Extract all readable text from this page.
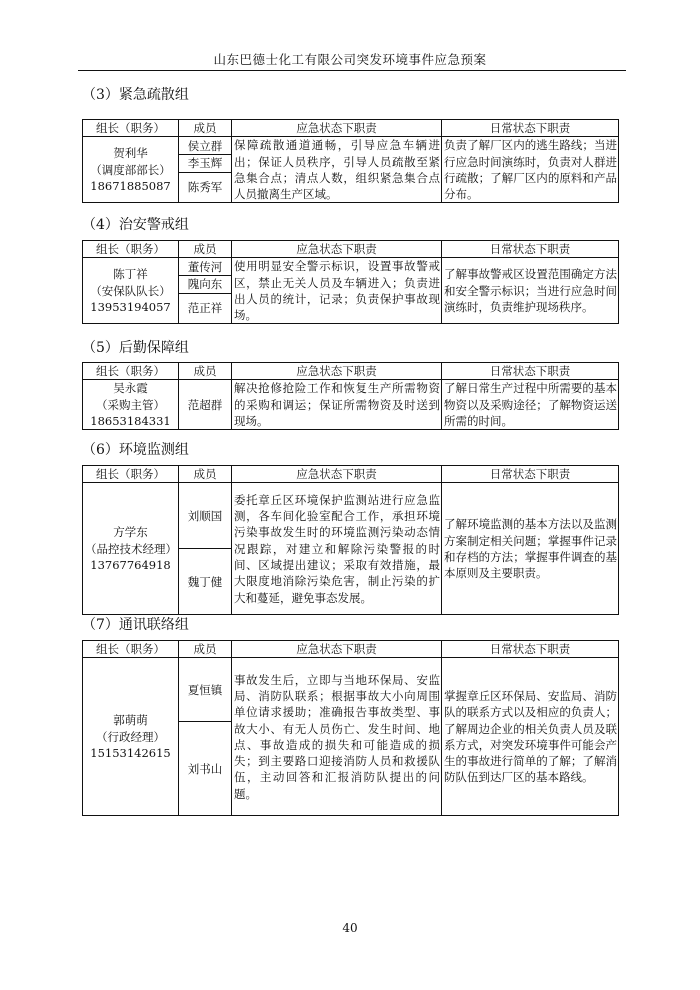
山东巴德士化工有限公司突发环境事件应急预案
（3）紧急疏散组
组长（职务）	成员	应急状态下职责	日常状态下职责

贺利华
（调度部部长）
18671885087	侯立群	保障疏散通道通畅，引导应急车辆进出；保证人员秩序，引导人员疏散至紧急集合点；清点人数，组织紧急集合点人员撤离生产区域。	负责了解厂区内的逃生路线；当进行应急时间演练时，负责对人群进行疏散；了解厂区内的原料和产品分布。
	李玉辉		
	陈秀军		
（4）治安警戒组
组长（职务）	成员	应急状态下职责	日常状态下职责

陈丁祥
（安保队队长）
13953194057	董传河	使用明显安全警示标识，设置事故警戒区，禁止无关人员及车辆进入；负责进出人员的统计，记录；负责保护事故现场。	了解事故警戒区设置范围确定方法和安全警示标识；当进行应急时间演练时，负责维护现场秩序。
	隗向东		
	范正祥		
（5）后勤保障组
组长（职务）	成员	应急状态下职责	日常状态下职责

吴永霞
（采购主管）
18653184331	范超群	解决抢修抢险工作和恢复生产所需物资的采购和调运；保证所需物资及时送到现场。	了解日常生产过程中所需要的基本物资以及采购途径；了解物资运送所需的时间。
（6）环境监测组
组长（职务）	成员	应急状态下职责	日常状态下职责

方学东
（品控技术经理）
13767764918	刘顺国	委托章丘区环境保护监测站进行应急监测，各车间化验室配合工作，承担环境污染事故发生时的环境监测污染动态情况跟踪，对建立和解除污染警报的时间、区域提出建议；采取有效措施，最大限度地消除污染危害，制止污染的扩大和蔓延，避免事态发展。	了解环境监测的基本方法以及监测方案制定相关问题；掌握事件记录和存档的方法；掌握事件调查的基本原则及主要职责。
	魏丁健		
（7）通讯联络组
组长（职务）	成员	应急状态下职责	日常状态下职责

郭萌萌
（行政经理）
15153142615	夏恒镇	事故发生后，立即与当地环保局、安监局、消防队联系；根据事故大小向周围单位请求援助；准确报告事故类型、事故大小、有无人员伤亡、发生时间、地点、事故造成的损失和可能造成的损失；到主要路口迎接消防人员和救援队伍，主动回答和汇报消防队提出的问题。	掌握章丘区环保局、安监局、消防队的联系方式以及相应的负责人；了解周边企业的相关负责人员及联系方式，对突发环境事件可能会产生的事故进行简单的了解；了解消防队伍到达厂区的基本路线。
	刘书山		
40
